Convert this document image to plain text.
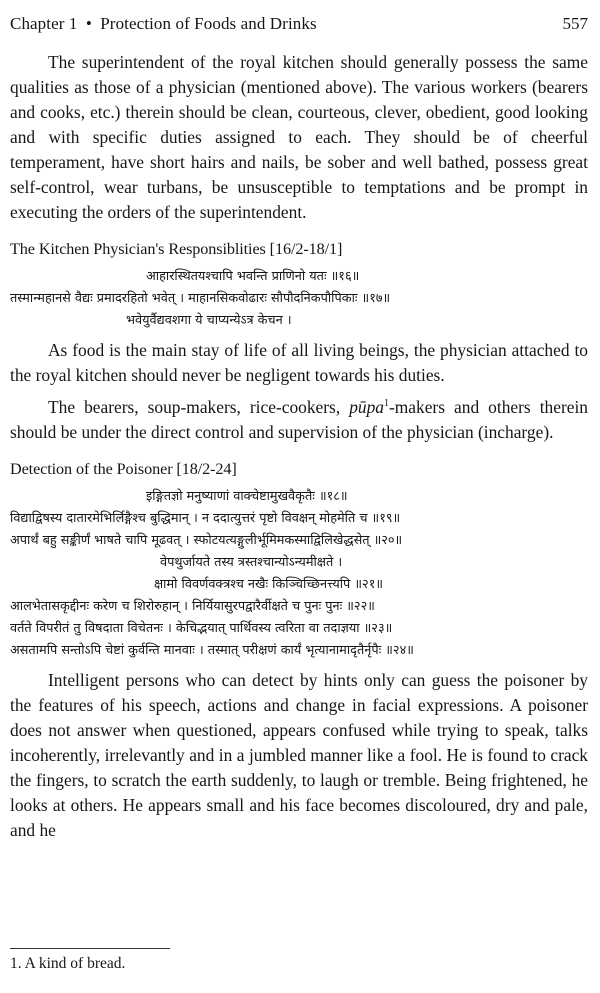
Chapter 1 • Protection of Foods and Drinks	557

The superintendent of the royal kitchen should generally possess the same qualities as those of a physician (mentioned above). The various workers (bearers and cooks, etc.) therein should be clean, courteous, clever, obedient, good looking and with specific duties assigned to each. They should be of cheerful temperament, have short hairs and nails, be sober and well bathed, possess great self-control, wear turbans, be unsusceptible to temptations and be prompt in executing the orders of the superintendent.

The Kitchen Physician's Responsiblities [16/2-18/1]
आहारस्थितयश्चापि भवन्ति प्राणिनो यतः ॥१६॥
तस्मान्महानसे वैद्यः प्रमादरहितो भवेत् । माहानसिकवोढारः सौपौदनिकपौपिकाः ॥१७॥
भवेयुर्वैद्यवशगा ये चाप्यन्येऽत्र केचन ।

As food is the main stay of life of all living beings, the physician attached to the royal kitchen should never be negligent towards his duties.

The bearers, soup-makers, rice-cookers, pūpa$^1$-makers and others therein should be under the direct control and supervision of the physician (incharge).

Detection of the Poisoner [18/2-24]
इङ्गितज्ञो मनुष्याणां वाक्चेष्टामुखवैकृतैः ॥१८॥
विद्याद्विषस्य दातारमेभिर्लिङ्गैश्च बुद्धिमान् । न ददात्युत्तरं पृष्टो विवक्षन् मोहमेति च ॥१९॥
अपार्थं बहु सङ्कीर्णं भाषते चापि मूढवत् । स्फोटयत्यङ्गुलीर्भूमिमकस्माद्विलिखेद्धसेत् ॥२०॥
वेपथुर्जायते तस्य त्रस्तश्चान्योऽन्यमीक्षते ।
क्षामो विवर्णवक्त्रश्च नखैः किञ्चिच्छिनत्त्यपि ॥२१॥
आलभेतासकृद्दीनः करेण च शिरोरुहान् । निर्यियासुरपद्वारैर्वीक्षते च पुनः पुनः ॥२२॥
वर्तते विपरीतं तु विषदाता विचेतनः । केचिद्भयात् पार्थिवस्य त्वरिता वा तदाज्ञया ॥२३॥
असतामपि सन्तोऽपि चेष्टां कुर्वन्ति मानवाः । तस्मात् परीक्षणं कार्यं भृत्यानामादृतैर्नृपैः ॥२४॥

Intelligent persons who can detect by hints only can guess the poisoner by the features of his speech, actions and change in facial expressions. A poisoner does not answer when questioned, appears confused while trying to speak, talks incoherently, irrelevantly and in a jumbled manner like a fool. He is found to crack the fingers, to scratch the earth suddenly, to laugh or tremble. Being frightened, he looks at others. He appears small and his face becomes discoloured, dry and pale, and he

1. A kind of bread.
